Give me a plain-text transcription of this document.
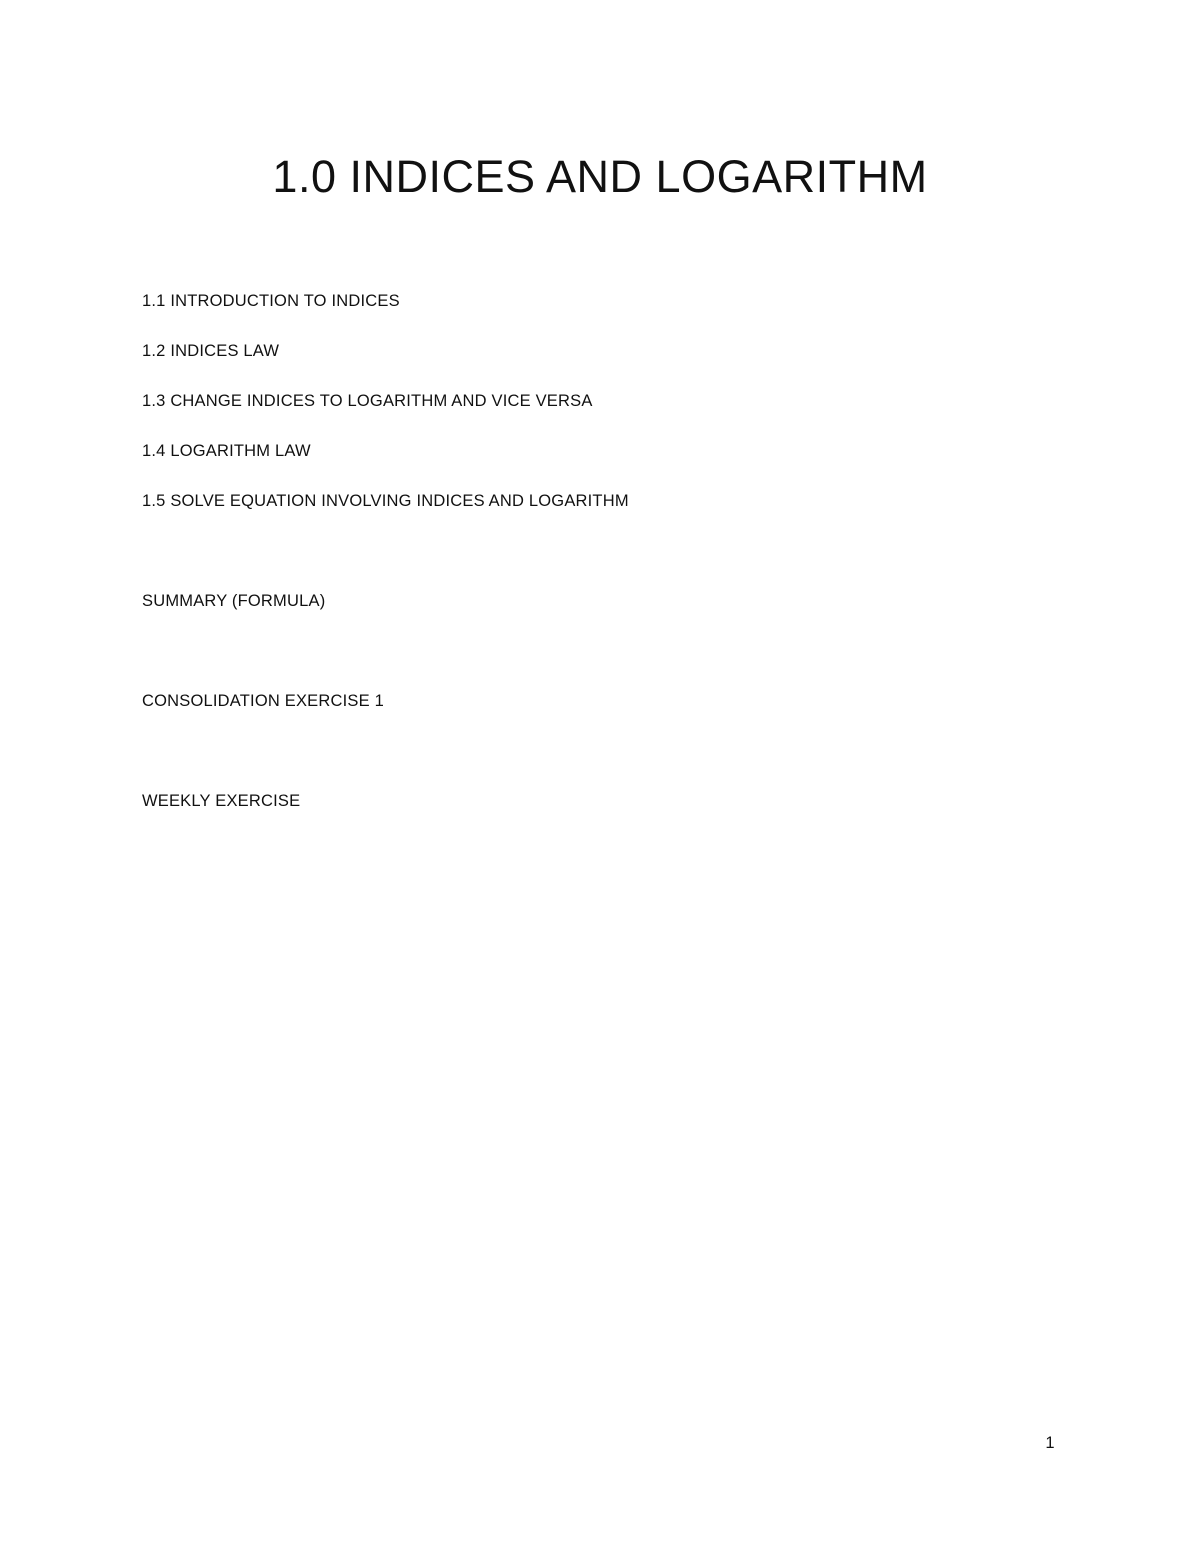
1.0 INDICES AND LOGARITHM
1.1 INTRODUCTION TO INDICES
1.2 INDICES LAW
1.3 CHANGE INDICES TO LOGARITHM AND VICE VERSA
1.4 LOGARITHM LAW
1.5 SOLVE EQUATION INVOLVING INDICES AND LOGARITHM
SUMMARY (FORMULA)
CONSOLIDATION EXERCISE 1
WEEKLY EXERCISE
1
